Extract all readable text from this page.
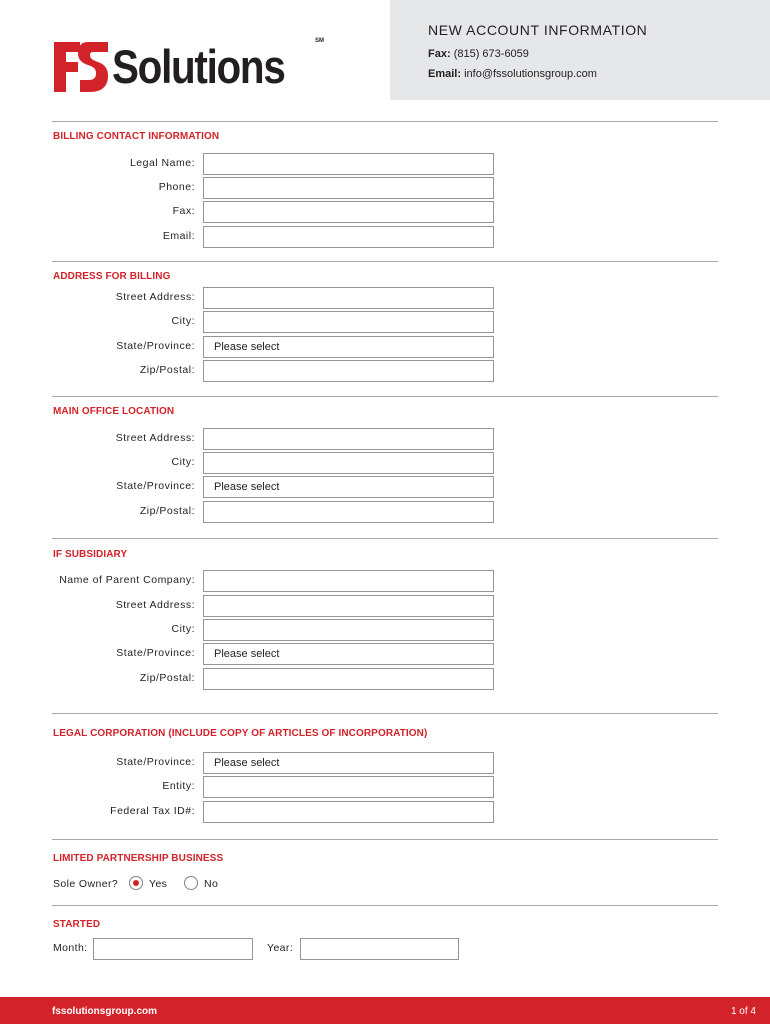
Solutions	SM
NEW ACCOUNT INFORMATION
Fax: (815) 673-6059
Email: info@fssolutionsgroup.com
BILLING CONTACT INFORMATION
Legal Name:
Phone:
Fax:
Email:
ADDRESS FOR BILLING
Street Address:
City:
State/Province:	Please select
Zip/Postal:
MAIN OFFICE LOCATION
Street Address:
City:
State/Province:	Please select
Zip/Postal:
IF SUBSIDIARY
Name of Parent Company:
Street Address:
City:
State/Province:	Please select
Zip/Postal:
LEGAL CORPORATION (INCLUDE COPY OF ARTICLES OF INCORPORATION)
State/Province:	Please select
Entity:
Federal Tax ID#:
LIMITED PARTNERSHIP BUSINESS
Sole Owner?	Yes	No
STARTED
Month:	Year:
fssolutionsgroup.com	1 of 4
